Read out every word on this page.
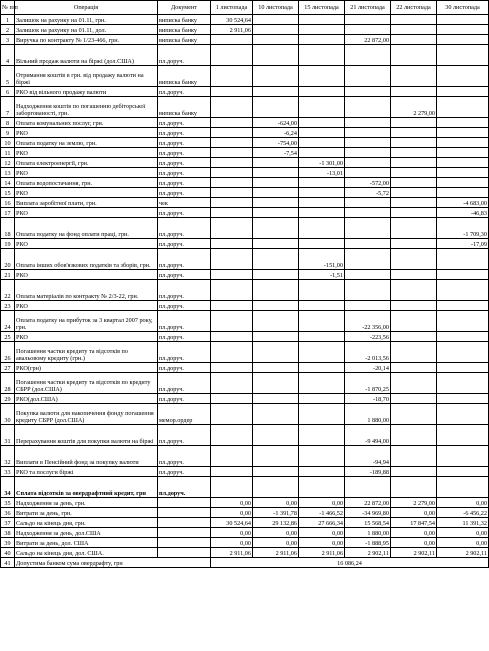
№ п/п	Операція	Документ	1 листопада	10 листопада	15 листопада	21 листопада	22 листопада	30 листопада
1	Залишок на рахунку на 01.11, грн.	виписка банку	30 524,64					
2	Залишок на рахунку на 01.11, дол.	виписка банку	2 911,06					
3	Виручка по контракту № 1/23-466, грн.	виписка банку				22 872,00		
4	Вільний продаж валюти на біржі (дол.США)	пл.доруч.						
5	Отримання коштів в грн. від продажу валюти на біржі	виписка банку						
6	РКО від вільного продажу валюти	пл.доруч.						
7	Надходження коштів по погашенню дебіторської заборгованості, грн.	виписка банку					2 279,00	
8	Оплата комунальних послуг, грн.	пл.доруч.		-624,00				
9	РКО	пл.доруч.		-6,24				
10	Оплата податку на землю, грн.	пл.доруч.		-754,00				
11	РКО	пл.доруч.		-7,54				
12	Оплата електроенергії, грн.	пл.доруч.			-1 301,00			
13	РКО	пл.доруч.			-13,01			
14	Оплата водопостачання, грн.	пл.доруч.				-572,00		
15	РКО	пл.доруч.				-5,72		
16	Виплата заробітної плати, грн.	чек						-4 683,00
17	РКО	пл.доруч.						-46,83
18	Оплата податку на фонд оплати праці, грн.	пл.доруч.						-1 709,30
19	РКО	пл.доруч.						-17,09
20	Оплата інших обов'язкових податків та зборів, грн.	пл.доруч.			-151,00			
21	РКО	пл.доруч.			-1,51			
22	Оплата матеріалів по контракту № 2/3-22, грн.	пл.доруч.						
23	РКО	пл.доруч.						
24	Оплата податку на прибуток за 3 квартал 2007 року, грн.	пл.доруч.				-22 356,00		
25	РКО	пл.доруч.				-223,56		
26	Погашення частки кредиту та відсотків по авальовому кредиту (грн.)	пл.доруч.				-2 013,56		
27	РКО(грн)	пл.доруч.				-20,14		
28	Погашення частки кредиту та відсотків по кредиту СБРР (дол.США)	пл.доруч.				-1 870,25		
29	РКО(дол.США)	пл.доруч.				-18,70		
30	Покупка валюти для накопичення фонду погашення кредиту СБРР (дол.США)	мемор.ордер				1 880,00		
31	Перерахування коштів для покупки валюти на біржі	пл.доруч.				-9 494,00		
32	Виплати в Пенсійний фонд за покупку валюти	пл.доруч.				-94,94		
33	РКО та послуги біржі	пл.доруч.				-189,88		
34	Сплата відсотків за овердрафтний кредит, грн	пл.доруч.						
35	Надходження за день, грн.		0,00	0,00	0,00	22 872,00	2 279,00	0,00
36	Витрати за день, грн.		0,00	-1 391,78	-1 466,52	-34 969,80	0,00	-6 456,22
37	Сальдо на кінець дня, грн.		30 524,64	29 132,86	27 666,34	15 568,54	17 847,54	11 391,32
38	Надходження за день, дол.США		0,00	0,00	0,00	1 880,00	0,00	0,00
39	Витрати за день, дол. США		0,00	0,00	0,00	-1 888,95	0,00	0,00
40	Сальдо на кінець дня, дол. США.		2 911,06	2 911,06	2 911,06	2 902,11	2 902,11	2 902,11
41	Допустима банком сума овердрафту, грн		16 086,24					
